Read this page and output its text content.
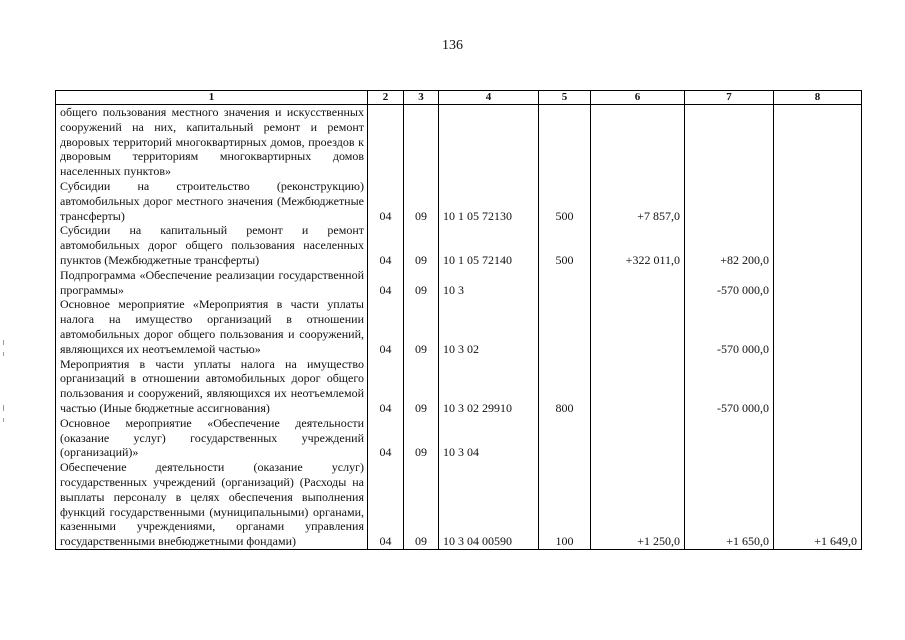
136
1	2	3	4	5	6	7	8
общего пользования местного значения и искусственных сооружений на них, капитальный ремонт и ремонт дворовых территорий многоквартирных домов, проездов к дворовым территориям многоквартирных домов населенных пунктов»							
Субсидии на строительство (реконструкцию) автомобильных дорог местного значения (Межбюджетные трансферты)	04	09	10 1 05 72130	500	+7 857,0		
Субсидии на капитальный ремонт и ремонт автомобильных дорог общего пользования населенных пунктов (Межбюджетные трансферты)	04	09	10 1 05 72140	500	+322 011,0	+82 200,0	
Подпрограмма «Обеспечение реализации государственной программы»	04	09	10 3			-570 000,0	
Основное мероприятие «Мероприятия в части уплаты налога на имущество организаций в отношении автомобильных дорог общего пользования и сооружений, являющихся их неотъемлемой частью»	04	09	10 3 02			-570 000,0	
Мероприятия в части уплаты налога на имущество организаций в отношении автомобильных дорог общего пользования и сооружений, являющихся их неотъемлемой частью (Иные бюджетные ассигнования)	04	09	10 3 02 29910	800		-570 000,0	
Основное мероприятие «Обеспечение деятельности (оказание услуг) государственных учреждений (организаций)»	04	09	10 3 04				
Обеспечение деятельности (оказание услуг) государственных учреждений (организаций) (Расходы на выплаты персоналу в целях обеспечения выполнения функций государственными (муниципальными) органами, казенными учреждениями, органами управления государственными внебюджетными фондами)	04	09	10 3 04 00590	100	+1 250,0	+1 650,0	+1 649,0
